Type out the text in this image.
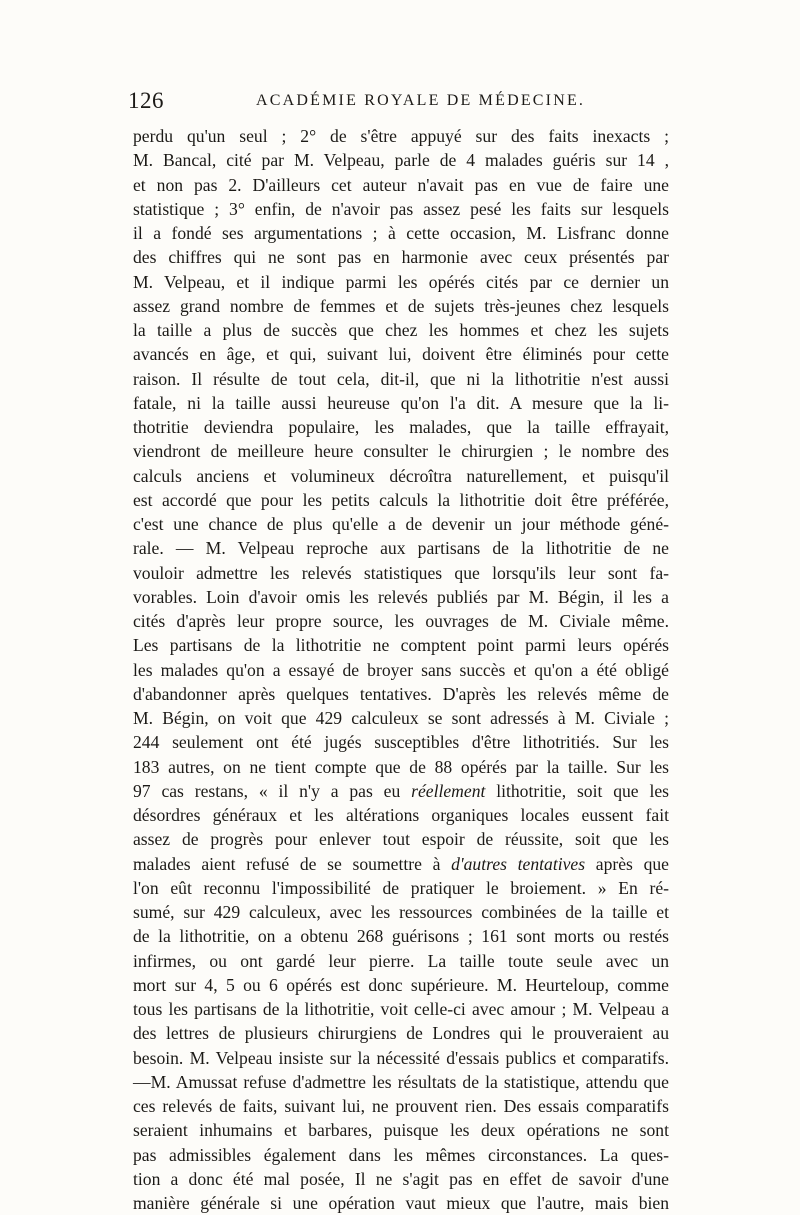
126	ACADÉMIE ROYALE DE MÉDECINE.
perdu qu'un seul ; 2° de s'être appuyé sur des faits inexacts ;
M. Bancal, cité par M. Velpeau, parle de 4 malades guéris sur 14 ,
et non pas 2. D'ailleurs cet auteur n'avait pas en vue de faire une
statistique ; 3° enfin, de n'avoir pas assez pesé les faits sur lesquels
il a fondé ses argumentations ; à cette occasion, M. Lisfranc donne
des chiffres qui ne sont pas en harmonie avec ceux présentés par
M. Velpeau, et il indique parmi les opérés cités par ce dernier un
assez grand nombre de femmes et de sujets très-jeunes chez lesquels
la taille a plus de succès que chez les hommes et chez les sujets
avancés en âge, et qui, suivant lui, doivent être éliminés pour cette
raison. Il résulte de tout cela, dit-il, que ni la lithotritie n'est aussi
fatale, ni la taille aussi heureuse qu'on l'a dit. A mesure que la li-
thotritie deviendra populaire, les malades, que la taille effrayait,
viendront de meilleure heure consulter le chirurgien ; le nombre des
calculs anciens et volumineux décroîtra naturellement, et puisqu'il
est accordé que pour les petits calculs la lithotritie doit être préférée,
c'est une chance de plus qu'elle a de devenir un jour méthode géné-
rale. — M. Velpeau reproche aux partisans de la lithotritie de ne
vouloir admettre les relevés statistiques que lorsqu'ils leur sont fa-
vorables. Loin d'avoir omis les relevés publiés par M. Bégin, il les a
cités d'après leur propre source, les ouvrages de M. Civiale même.
Les partisans de la lithotritie ne comptent point parmi leurs opérés
les malades qu'on a essayé de broyer sans succès et qu'on a été obligé
d'abandonner après quelques tentatives. D'après les relevés même de
M. Bégin, on voit que 429 calculeux se sont adressés à M. Civiale ;
244 seulement ont été jugés susceptibles d'être lithotritiés. Sur les
183 autres, on ne tient compte que de 88 opérés par la taille. Sur les
97 cas restans, « il n'y a pas eu réellement lithotritie, soit que les
désordres généraux et les altérations organiques locales eussent fait
assez de progrès pour enlever tout espoir de réussite, soit que les
malades aient refusé de se soumettre à d'autres tentatives après que
l'on eût reconnu l'impossibilité de pratiquer le broiement. » En ré-
sumé, sur 429 calculeux, avec les ressources combinées de la taille et
de la lithotritie, on a obtenu 268 guérisons ; 161 sont morts ou restés
infirmes, ou ont gardé leur pierre. La taille toute seule avec un
mort sur 4, 5 ou 6 opérés est donc supérieure. M. Heurteloup, comme
tous les partisans de la lithotritie, voit celle-ci avec amour ; M. Velpeau a
des lettres de plusieurs chirurgiens de Londres qui le prouveraient au
besoin. M. Velpeau insiste sur la nécessité d'essais publics et comparatifs.
—M. Amussat refuse d'admettre les résultats de la statistique, attendu que
ces relevés de faits, suivant lui, ne prouvent rien. Des essais comparatifs
seraient inhumains et barbares, puisque les deux opérations ne sont
pas admissibles également dans les mêmes circonstances. La ques-
tion a donc été mal posée, Il ne s'agit pas en effet de savoir d'une
manière générale si une opération vaut mieux que l'autre, mais bien
